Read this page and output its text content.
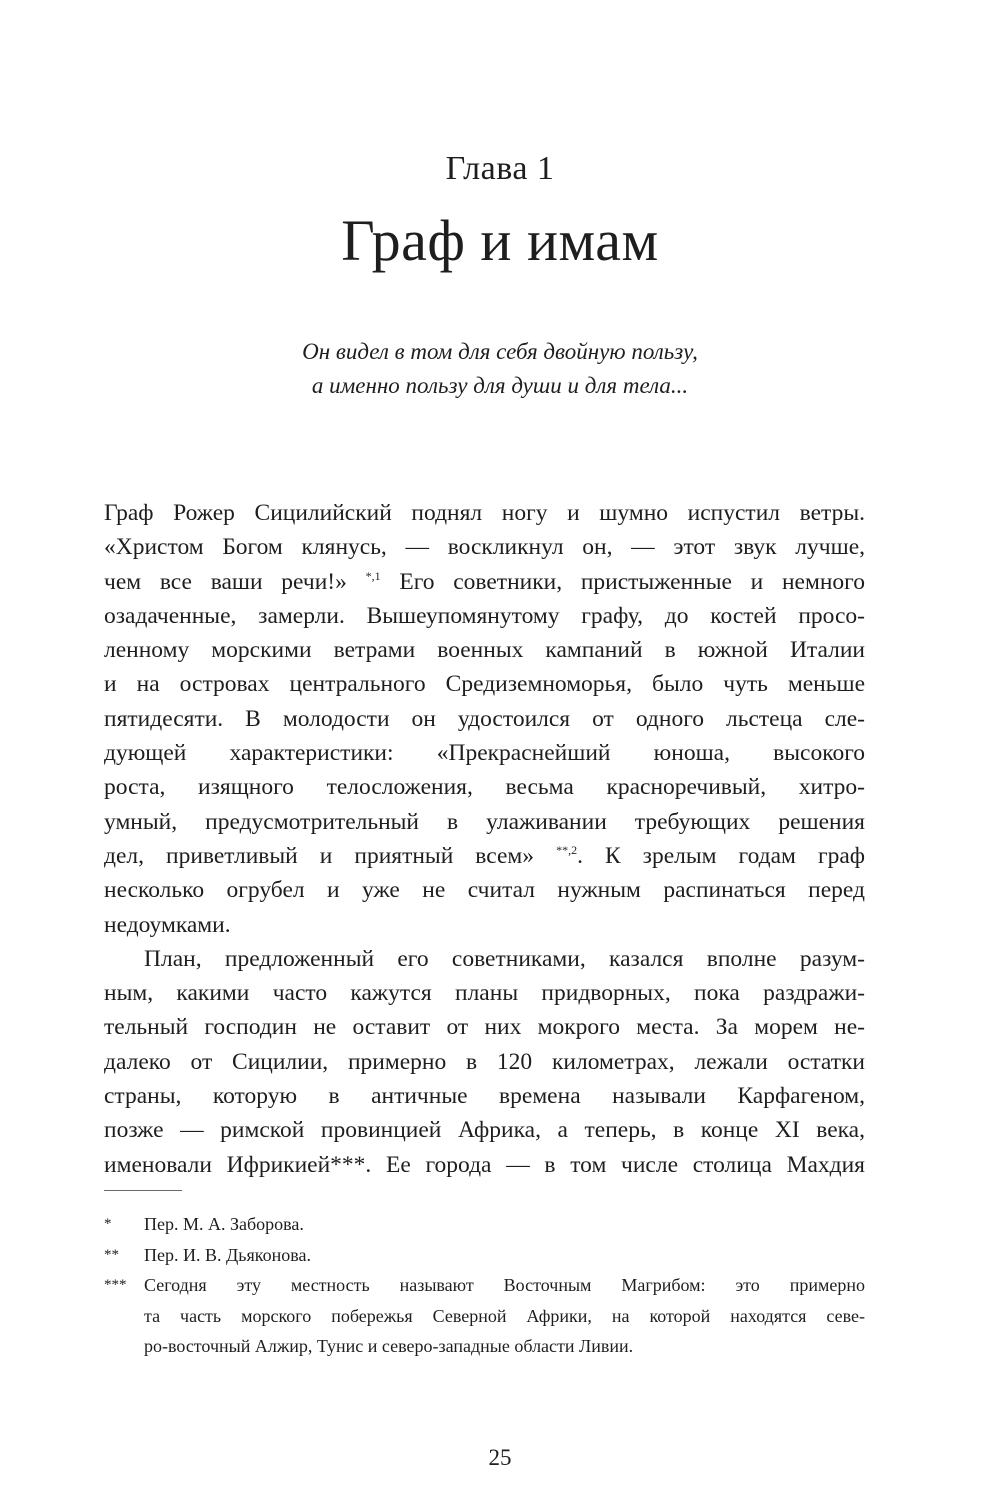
Глава 1
Граф и имам
Он видел в том для себя двойную пользу,
а именно пользу для души и для тела...
Граф Рожер Сицилийский поднял ногу и шумно испустил ветры.
«Христом Богом клянусь, — воскликнул он, — этот звук лучше,
чем все ваши речи!» $^{*,1}$ Его советники, пристыженные и немного
озадаченные, замерли. Вышеупомянутому графу, до костей просо-
ленному морскими ветрами военных кампаний в южной Италии
и на островах центрального Средиземноморья, было чуть меньше
пятидесяти. В молодости он удостоился от одного льстеца сле-
дующей характеристики: «Прекраснейший юноша, высокого
роста, изящного телосложения, весьма красноречивый, хитро-
умный, предусмотрительный в улаживании требующих решения
дел, приветливый и приятный всем» $^{**,2}$. К зрелым годам граф
несколько огрубел и уже не считал нужным распинаться перед
недоумками.
План, предложенный его советниками, казался вполне разум-
ным, какими часто кажутся планы придворных, пока раздражи-
тельный господин не оставит от них мокрого места. За морем не-
далеко от Сицилии, примерно в 120 километрах, лежали остатки
страны, которую в античные времена называли Карфагеном,
позже — римской провинцией Африка, а теперь, в конце XI века,
именовали Ифрикией***. Ее города — в том числе столица Махдия
* Пер. М. А. Заборова.
** Пер. И. В. Дьяконова.
*** Сегодня эту местность называют Восточным Магрибом: это примерно
та часть морского побережья Северной Африки, на которой находятся севе-
ро-восточный Алжир, Тунис и северо-западные области Ливии.
25
